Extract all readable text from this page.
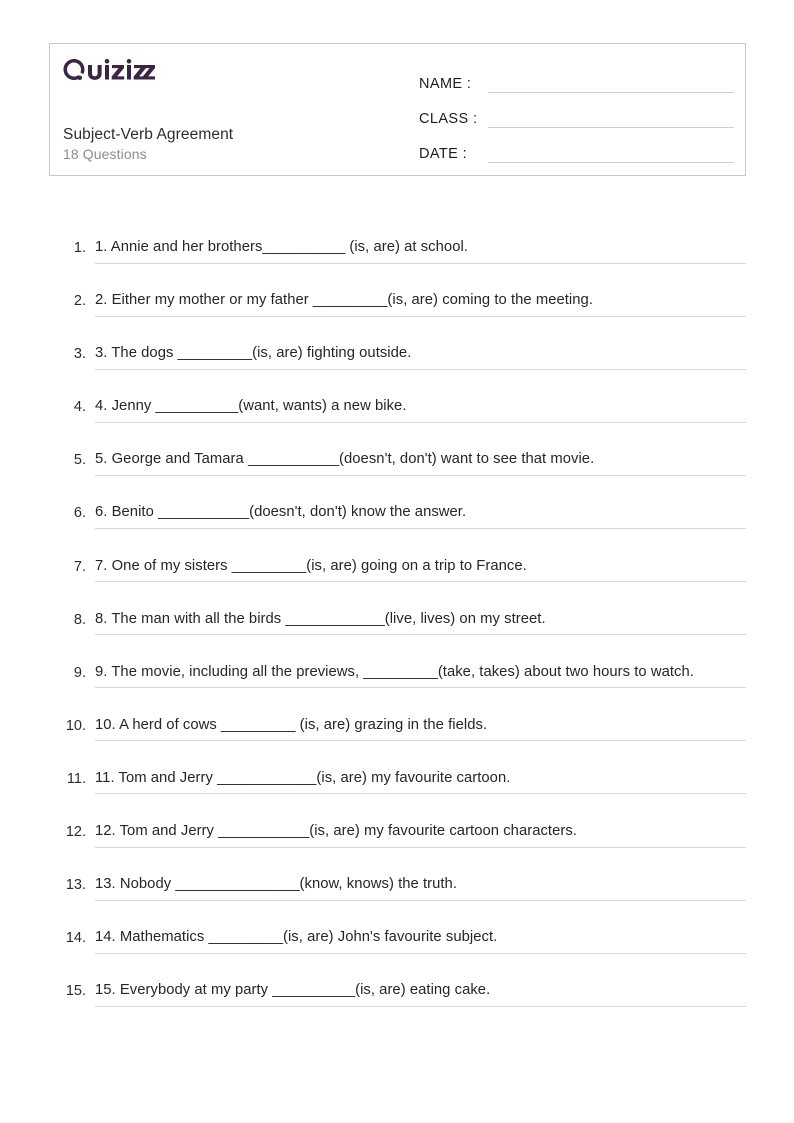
Subject-Verb Agreement
18 Questions
NAME :
CLASS :
DATE :
1. 1. Annie and her brothers__________ (is, are) at school.
2. 2. Either my mother or my father _________(is, are) coming to the meeting.
3. 3. The dogs _________(is, are) fighting outside.
4. 4. Jenny __________(want, wants) a new bike.
5. 5. George and Tamara ___________(doesn't, don't) want to see that movie.
6. 6. Benito ___________(doesn't, don't) know the answer.
7. 7. One of my sisters _________(is, are) going on a trip to France.
8. 8. The man with all the birds ____________(live, lives) on my street.
9. 9. The movie, including all the previews, _________(take, takes) about two hours to watch.
10. 10. A herd of cows _________ (is, are) grazing in the fields.
11. 11. Tom and Jerry ____________(is, are) my favourite cartoon.
12. 12. Tom and Jerry ___________(is, are) my favourite cartoon characters.
13. 13. Nobody _______________(know, knows) the truth.
14. 14. Mathematics _________(is, are) John's favourite subject.
15. 15. Everybody at my party __________(is, are) eating cake.
